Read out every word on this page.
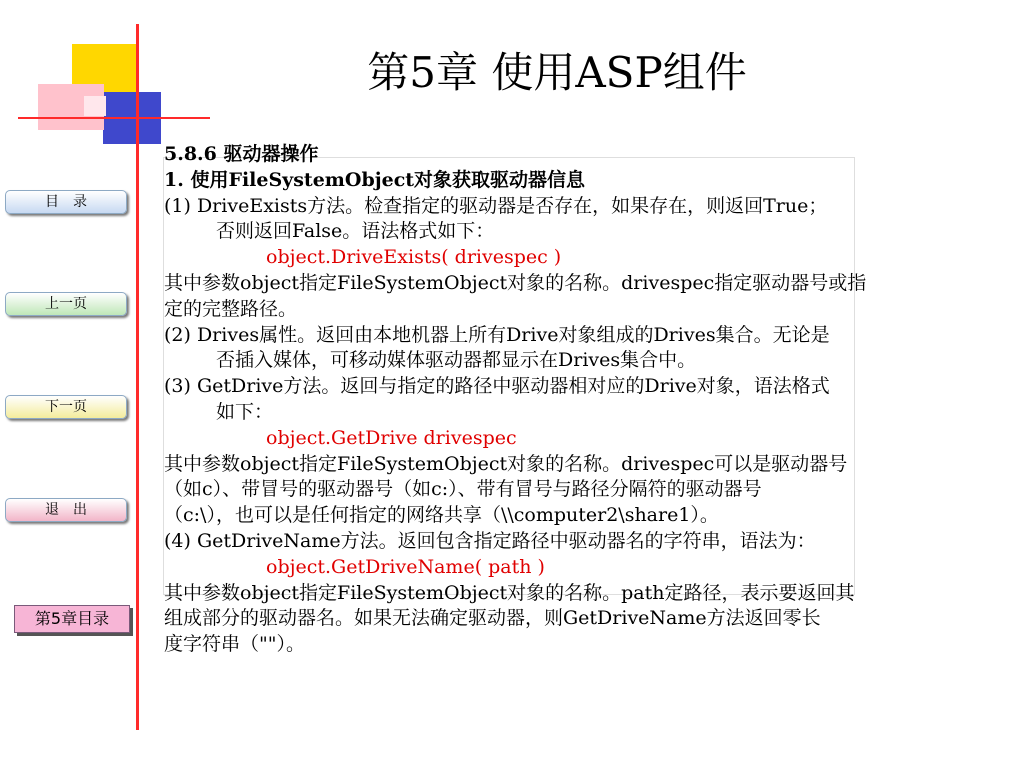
第5章 使用ASP组件
目　录
上一页
下一页
退　出
第5章目录
5.8.6 驱动器操作
1. 使用FileSystemObject对象获取驱动器信息
(1) DriveExists方法。检查指定的驱动器是否存在，如果存在，则返回True；
否则返回False。语法格式如下：
object.DriveExists( drivespec )
其中参数object指定FileSystemObject对象的名称。drivespec指定驱动器号或指
定的完整路径。
(2) Drives属性。返回由本地机器上所有Drive对象组成的Drives集合。无论是
否插入媒体，可移动媒体驱动器都显示在Drives集合中。
(3) GetDrive方法。返回与指定的路径中驱动器相对应的Drive对象，语法格式
如下：
object.GetDrive drivespec
其中参数object指定FileSystemObject对象的名称。drivespec可以是驱动器号
（如c）、带冒号的驱动器号（如c:）、带有冒号与路径分隔符的驱动器号
（c:\），也可以是任何指定的网络共享（\\computer2\share1）。
(4) GetDriveName方法。返回包含指定路径中驱动器名的字符串，语法为：
object.GetDriveName( path )
其中参数object指定FileSystemObject对象的名称。path定路径，表示要返回其
组成部分的驱动器名。如果无法确定驱动器，则GetDriveName方法返回零长
度字符串（""）。
